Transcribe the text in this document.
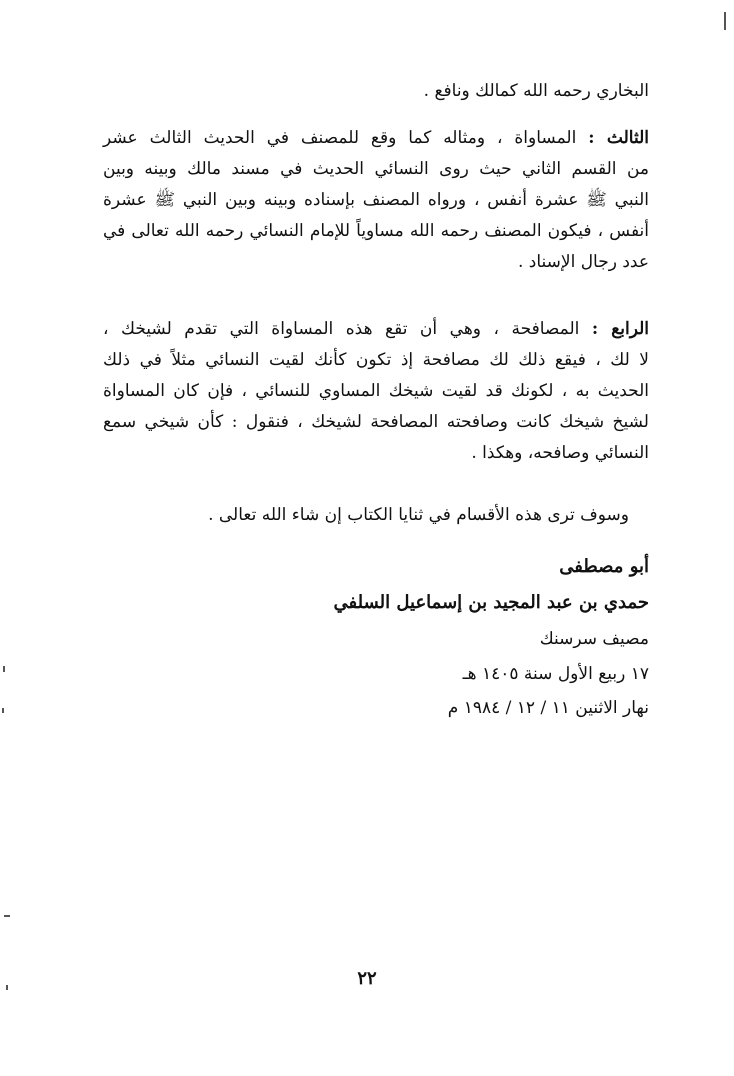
البخاري رحمه الله كمالك ونافع .
الثالث : المساواة ، ومثاله كما وقع للمصنف في الحديث الثالث عشر
من القسم الثاني حيث روى النسائي الحديث في مسند مالك وبينه وبين
النبي ﷺ عشرة أنفس ، ورواه المصنف بإسناده وبينه وبين النبي ﷺ عشرة
أنفس ، فيكون المصنف رحمه الله مساوياً للإمام النسائي رحمه الله تعالى في
عدد رجال الإسناد .
الرابع : المصافحة ، وهي أن تقع هذه المساواة التي تقدم لشيخك ،
لا لك ، فيقع ذلك لك مصافحة إذ تكون كأنك لقيت النسائي مثلاً في ذلك
الحديث به ، لكونك قد لقيت شيخك المساوي للنسائي ، فإن كان المساواة
لشيخ شيخك كانت وصافحته المصافحة لشيخك ، فنقول : كأن شيخي سمع
النسائي وصافحه، وهكذا .
وسوف ترى هذه الأقسام في ثنايا الكتاب إن شاء الله تعالى .
أبو مصطفى
حمدي بن عبد المجيد بن إسماعيل السلفي
مصيف سرسنك
١٧ ربيع الأول سنة ١٤٠٥ هـ
نهار الاثنين ١١ / ١٢ / ١٩٨٤ م
٢٢
